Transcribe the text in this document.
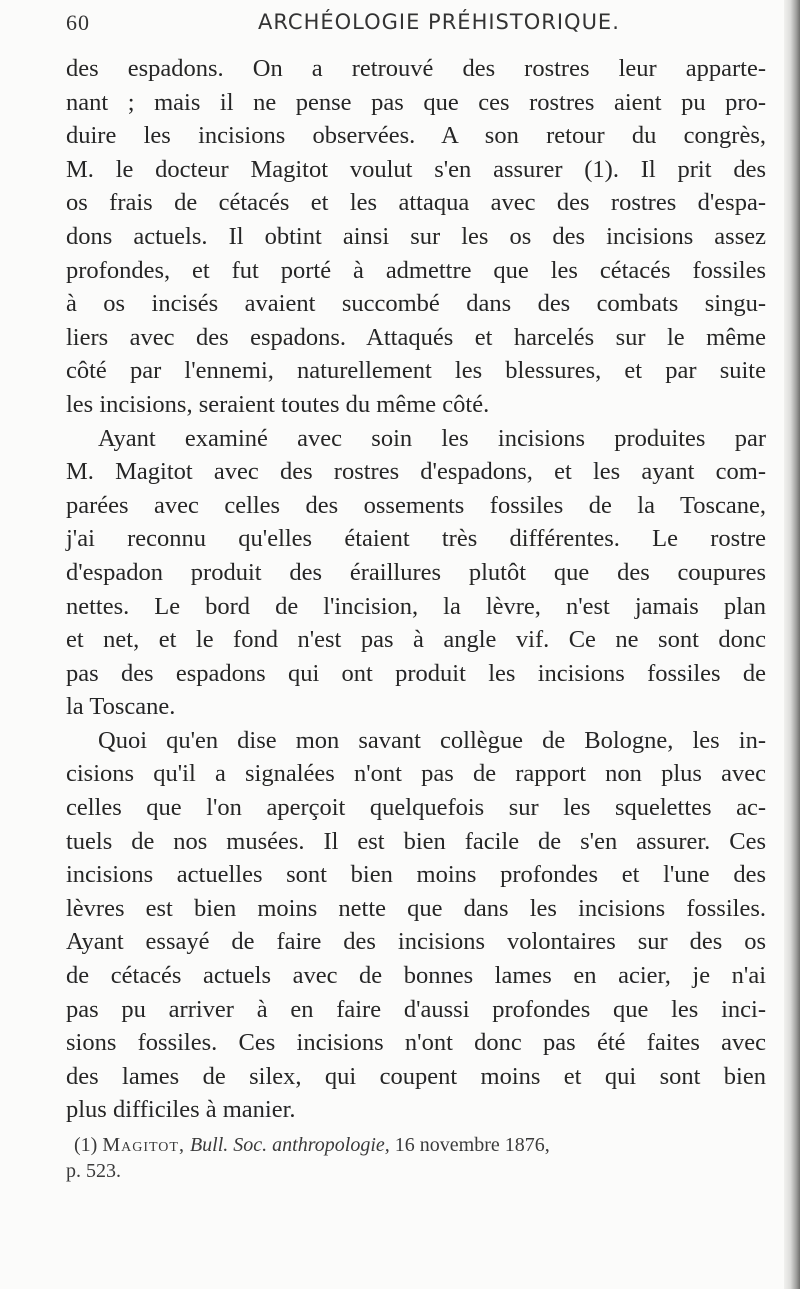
60	ARCHÉOLOGIE PRÉHISTORIQUE.

des espadons. On a retrouvé des rostres leur apparte-
nant ; mais il ne pense pas que ces rostres aient pu pro-
duire les incisions observées. A son retour du congrès,
M. le docteur Magitot voulut s'en assurer (1). Il prit des
os frais de cétacés et les attaqua avec des rostres d'espa-
dons actuels. Il obtint ainsi sur les os des incisions assez
profondes, et fut porté à admettre que les cétacés fossiles
à os incisés avaient succombé dans des combats singu-
liers avec des espadons. Attaqués et harcelés sur le même
côté par l'ennemi, naturellement les blessures, et par suite
les incisions, seraient toutes du même côté.

Ayant examiné avec soin les incisions produites par
M. Magitot avec des rostres d'espadons, et les ayant com-
parées avec celles des ossements fossiles de la Toscane,
j'ai reconnu qu'elles étaient très différentes. Le rostre
d'espadon produit des éraillures plutôt que des coupures
nettes. Le bord de l'incision, la lèvre, n'est jamais plan
et net, et le fond n'est pas à angle vif. Ce ne sont donc
pas des espadons qui ont produit les incisions fossiles de
la Toscane.

Quoi qu'en dise mon savant collègue de Bologne, les in-
cisions qu'il a signalées n'ont pas de rapport non plus avec
celles que l'on aperçoit quelquefois sur les squelettes ac-
tuels de nos musées. Il est bien facile de s'en assurer. Ces
incisions actuelles sont bien moins profondes et l'une des
lèvres est bien moins nette que dans les incisions fossiles.
Ayant essayé de faire des incisions volontaires sur des os
de cétacés actuels avec de bonnes lames en acier, je n'ai
pas pu arriver à en faire d'aussi profondes que les inci-
sions fossiles. Ces incisions n'ont donc pas été faites avec
des lames de silex, qui coupent moins et qui sont bien
plus difficiles à manier.

(1) Magitot, Bull. Soc. anthropologie, 16 novembre 1876,
p. 523.
